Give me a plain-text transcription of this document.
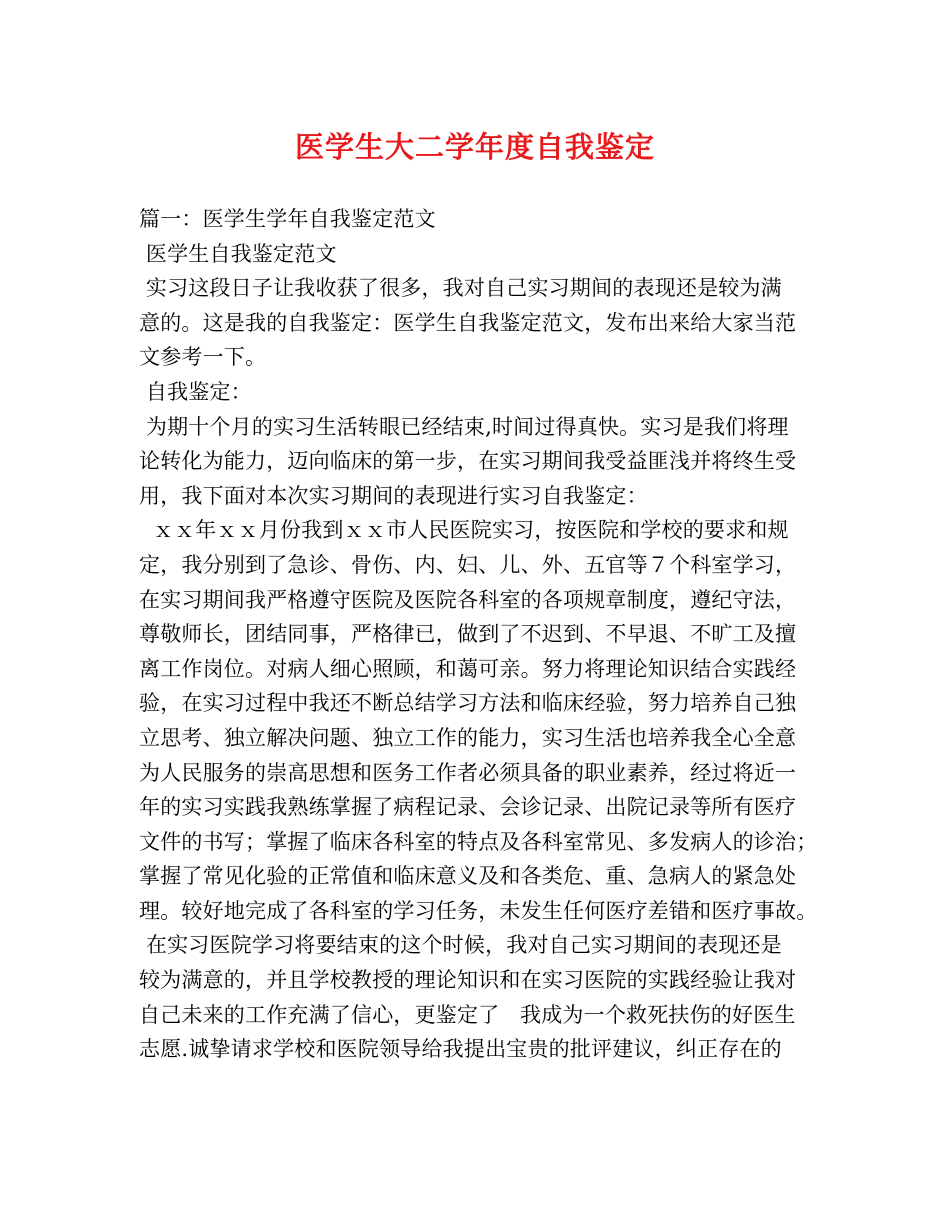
医学生大二学年度自我鉴定
篇一：医学生学年自我鉴定范文
医学生自我鉴定范文
实习这段日子让我收获了很多，我对自己实习期间的表现还是较为满
意的。这是我的自我鉴定：医学生自我鉴定范文，发布出来给大家当范
文参考一下。
自我鉴定：
为期十个月的实习生活转眼已经结束,时间过得真快。实习是我们将理
论转化为能力，迈向临床的第一步，在实习期间我受益匪浅并将终生受
用，我下面对本次实习期间的表现进行实习自我鉴定：
ｘｘ年ｘｘ月份我到ｘｘ市人民医院实习，按医院和学校的要求和规
定，我分别到了急诊、骨伤、内、妇、儿、外、五官等７个科室学习，
在实习期间我严格遵守医院及医院各科室的各项规章制度，遵纪守法，
尊敬师长，团结同事，严格律已，做到了不迟到、不早退、不旷工及擅
离工作岗位。对病人细心照顾，和蔼可亲。努力将理论知识结合实践经
验，在实习过程中我还不断总结学习方法和临床经验，努力培养自己独
立思考、独立解决问题、独立工作的能力，实习生活也培养我全心全意
为人民服务的崇高思想和医务工作者必须具备的职业素养，经过将近一
年的实习实践我熟练掌握了病程记录、会诊记录、出院记录等所有医疗
文件的书写；掌握了临床各科室的特点及各科室常见、多发病人的诊治；
掌握了常见化验的正常值和临床意义及和各类危、重、急病人的紧急处
理。较好地完成了各科室的学习任务，未发生任何医疗差错和医疗事故。
在实习医院学习将要结束的这个时候，我对自己实习期间的表现还是
较为满意的，并且学校教授的理论知识和在实习医院的实践经验让我对
自己未来的工作充满了信心，更鉴定了   我成为一个救死扶伤的好医生
志愿.诚挚请求学校和医院领导给我提出宝贵的批评建议，纠正存在的
